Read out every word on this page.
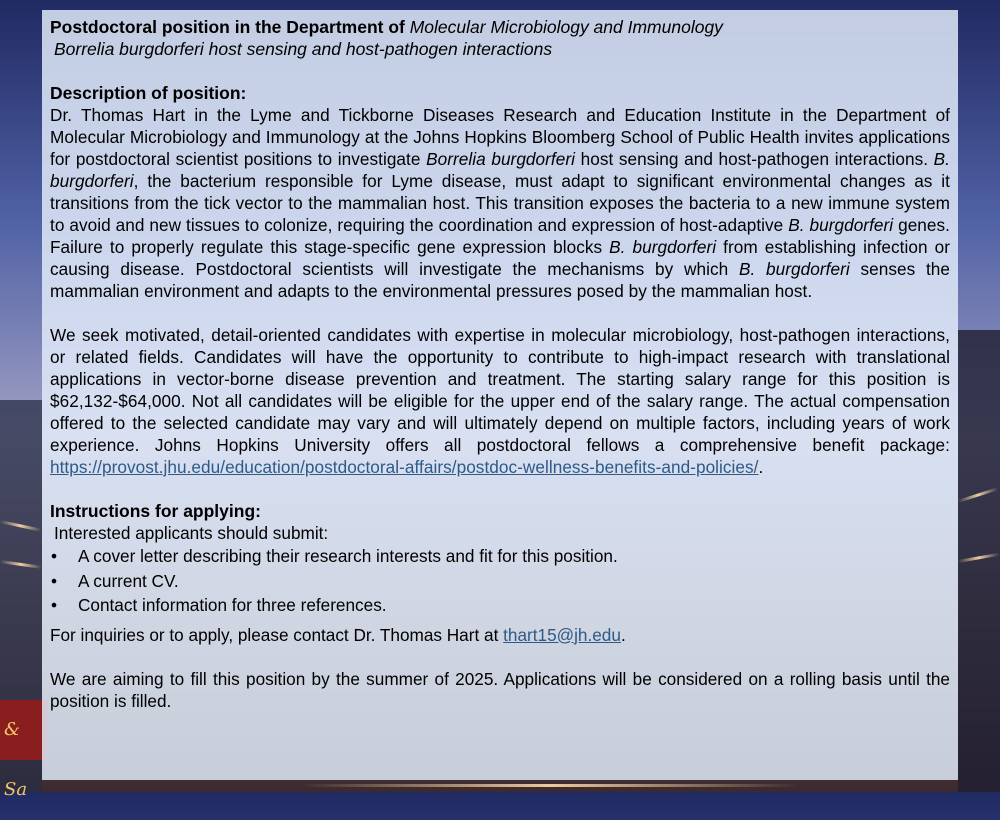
& Sa

Postdoctoral position in the Department of Molecular Microbiology and Immunology

Borrelia burgdorferi host sensing and host-pathogen interactions

Description of position:

Dr. Thomas Hart in the Lyme and Tickborne Diseases Research and Education Institute in the Department of Molecular Microbiology and Immunology at the Johns Hopkins Bloomberg School of Public Health invites applications for postdoctoral scientist positions to investigate Borrelia burgdorferi host sensing and host-pathogen interactions. B. burgdorferi, the bacterium responsible for Lyme disease, must adapt to significant environmental changes as it transitions from the tick vector to the mammalian host. This transition exposes the bacteria to a new immune system to avoid and new tissues to colonize, requiring the coordination and expression of host-adaptive B. burgdorferi genes. Failure to properly regulate this stage-specific gene expression blocks B. burgdorferi from establishing infection or causing disease. Postdoctoral scientists will investigate the mechanisms by which B. burgdorferi senses the mammalian environment and adapts to the environmental pressures posed by the mammalian host.

We seek motivated, detail-oriented candidates with expertise in molecular microbiology, host-pathogen interactions, or related fields. Candidates will have the opportunity to contribute to high-impact research with translational applications in vector-borne disease prevention and treatment. The starting salary range for this position is $62,132-$64,000. Not all candidates will be eligible for the upper end of the salary range. The actual compensation offered to the selected candidate may vary and will ultimately depend on multiple factors, including years of work experience. Johns Hopkins University offers all postdoctoral fellows a comprehensive benefit package: https://provost.jhu.edu/education/postdoctoral-affairs/postdoc-wellness-benefits-and-policies/.

Instructions for applying:

Interested applicants should submit:

• A cover letter describing their research interests and fit for this position.
• A current CV.
• Contact information for three references.

For inquiries or to apply, please contact Dr. Thomas Hart at thart15@jh.edu.

We are aiming to fill this position by the summer of 2025. Applications will be considered on a rolling basis until the position is filled.
